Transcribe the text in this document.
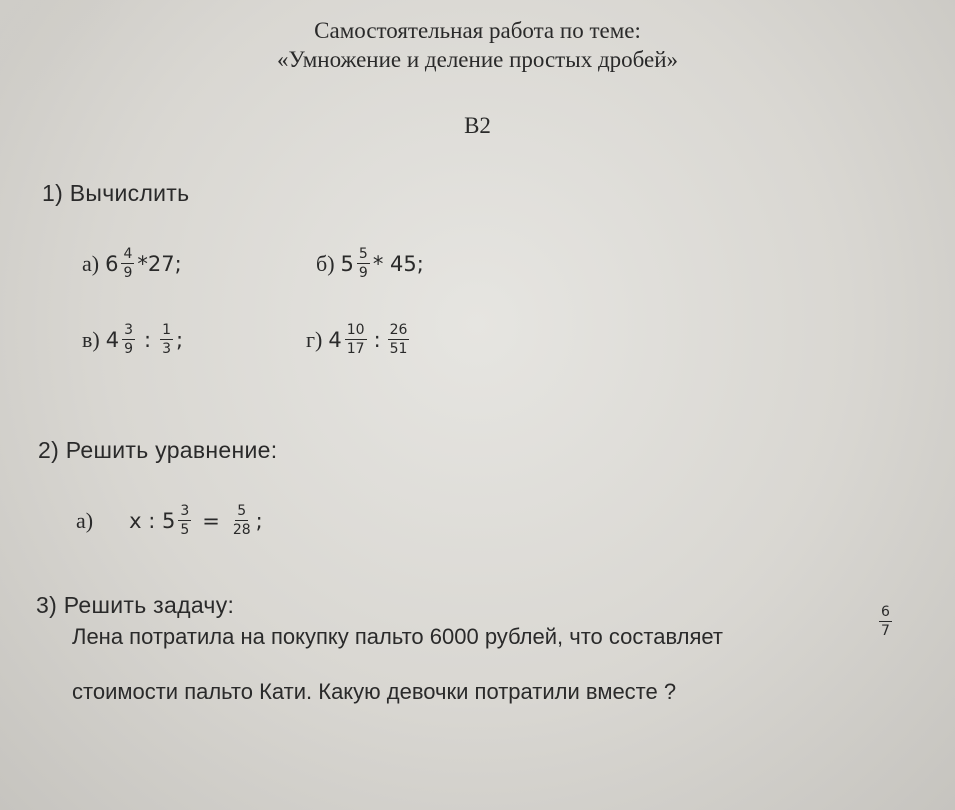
Самостоятельная работа по теме:
«Умножение и деление простых дробей»
В2
1) Вычислить
а) $6 \frac{4}{9} *27$;	б) $5 \frac{5}{9} * 45$;
в) $4 \frac{3}{9}$ : $\frac{1}{3}$ ;	г) $4 \frac{10}{17}$ : $\frac{26}{51}$
2) Решить уравнение:
а) x : $5 \frac{3}{5} = \frac{5}{28}$ ;
3) Решить задачу:
Лена потратила на покупку пальто 6000 рублей, что составляет	$\frac{6}{7}$
стоимости пальто Кати. Какую девочки потратили вместе ?
